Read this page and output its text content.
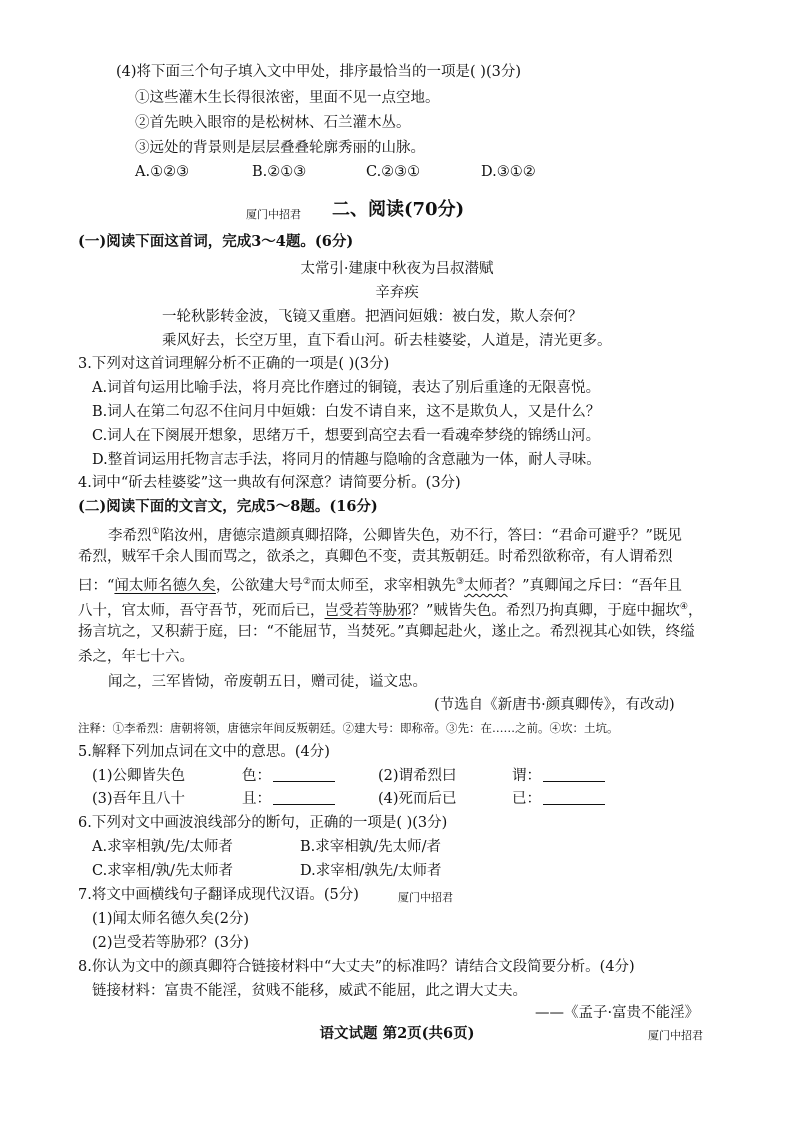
(4)将下面三个句子填入文中甲处，排序最恰当的一项是( )(3分)
①这些灌木生长得很浓密，里面不见一点空地。
②首先映入眼帘的是松树林、石兰灌木丛。
③远处的背景则是层层叠叠轮廓秀丽的山脉。
A.①②③	B.②①③	C.②③①	D.③①②
厦门中招君 二、阅读(70分)
(一)阅读下面这首词，完成3～4题。(6分)
太常引·建康中秋夜为吕叔潜赋
辛弃疾
一轮秋影转金波，飞镜又重磨。把酒问姮娥：被白发，欺人奈何？
乘风好去，长空万里，直下看山河。斫去桂婆娑，人道是，清光更多。
3.下列对这首词理解分析不正确的一项是( )(3分)
A.词首句运用比喻手法，将月亮比作磨过的铜镜，表达了别后重逢的无限喜悦。
B.词人在第二句忍不住问月中姮娥：白发不请自来，这不是欺负人，又是什么？
C.词人在下阕展开想象，思绪万千，想要到高空去看一看魂牵梦绕的锦绣山河。
D.整首词运用托物言志手法，将同月的情趣与隐喻的含意融为一体，耐人寻味。
4.词中“斫去桂婆娑”这一典故有何深意？请简要分析。(3分)
(二)阅读下面的文言文，完成5～8题。(16分)
李希烈①陷汝州，唐德宗遣颜真卿招降，公卿皆失色，劝不行，答曰：“君命可避乎？”既见
希烈，贼军千余人围而骂之，欲杀之，真卿色不变，责其叛朝廷。时希烈欲称帝，有人谓希烈
曰：“闻太师名德久矣，公欲建大号②而太师至，求宰相孰先③太师者？”真卿闻之斥曰：“吾年且
八十，官太师，吾守吾节，死而后已，岂受若等胁邪？”贼皆失色。希烈乃拘真卿，于庭中掘坎④，
扬言坑之，又积薪于庭，曰：“不能屈节，当焚死。”真卿起赴火，遂止之。希烈视其心如铁，终缢
杀之，年七十六。
闻之，三军皆恸，帝废朝五日，赠司徒，谥文忠。
(节选自《新唐书·颜真卿传》，有改动)
注释：①李希烈：唐朝将领，唐德宗年间反叛朝廷。②建大号：即称帝。③先：在……之前。④坎：土坑。
5.解释下列加点词在文中的意思。(4分)
(1)公卿皆失色	色：	(2)谓希烈曰	谓：
(3)吾年且八十	且：	(4)死而后已	已：
6.下列对文中画波浪线部分的断句，正确的一项是( )(3分)
A.求宰相孰/先/太师者	B.求宰相孰/先太师/者
C.求宰相/孰/先太师者	D.求宰相/孰先/太师者
7.将文中画横线句子翻译成现代汉语。(5分)	厦门中招君
(1)闻太师名德久矣(2分)
(2)岂受若等胁邪？(3分)
8.你认为文中的颜真卿符合链接材料中“大丈夫”的标准吗？请结合文段简要分析。(4分)
链接材料：富贵不能淫，贫贱不能移，威武不能屈，此之谓大丈夫。
——《孟子·富贵不能淫》
语文试题 第2页(共6页)	厦门中招君
